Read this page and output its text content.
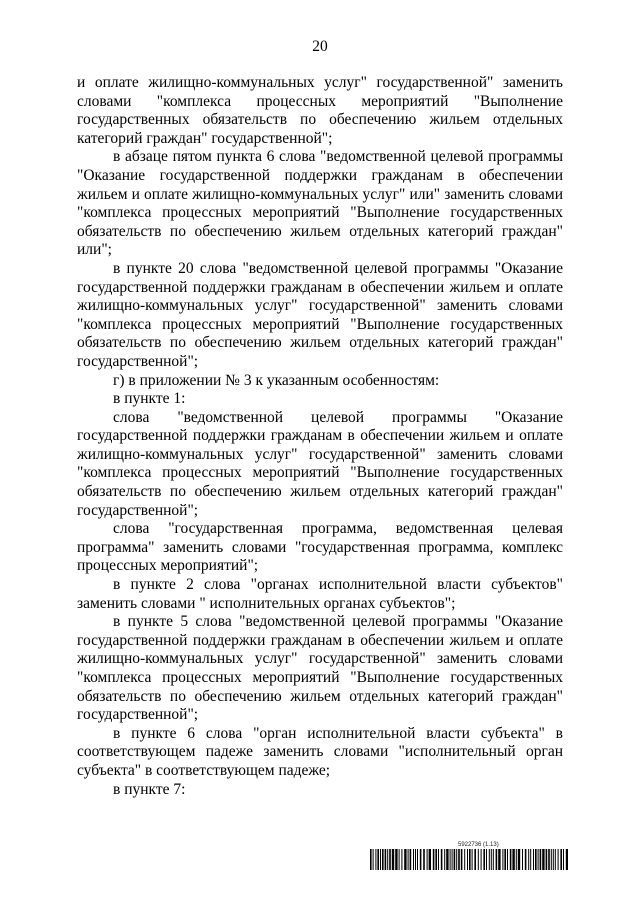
20

и оплате жилищно-коммунальных услуг" государственной" заменить словами "комплекса процессных мероприятий "Выполнение государственных обязательств по обеспечению жильем отдельных категорий граждан" государственной";

в абзаце пятом пункта 6 слова "ведомственной целевой программы "Оказание государственной поддержки гражданам в обеспечении жильем и оплате жилищно-коммунальных услуг" или" заменить словами "комплекса процессных мероприятий "Выполнение государственных обязательств по обеспечению жильем отдельных категорий граждан" или";

в пункте 20 слова "ведомственной целевой программы "Оказание государственной поддержки гражданам в обеспечении жильем и оплате жилищно-коммунальных услуг" государственной" заменить словами "комплекса процессных мероприятий "Выполнение государственных обязательств по обеспечению жильем отдельных категорий граждан" государственной";

г) в приложении № 3 к указанным особенностям:

в пункте 1:

слова "ведомственной целевой программы "Оказание государственной поддержки гражданам в обеспечении жильем и оплате жилищно-коммунальных услуг" государственной" заменить словами "комплекса процессных мероприятий "Выполнение государственных обязательств по обеспечению жильем отдельных категорий граждан" государственной";

слова "государственная программа, ведомственная целевая программа" заменить словами "государственная программа, комплекс процессных мероприятий";

в пункте 2 слова "органах исполнительной власти субъектов" заменить словами " исполнительных органах субъектов";

в пункте 5 слова "ведомственной целевой программы "Оказание государственной поддержки гражданам в обеспечении жильем и оплате жилищно-коммунальных услуг" государственной" заменить словами "комплекса процессных мероприятий "Выполнение государственных обязательств по обеспечению жильем отдельных категорий граждан" государственной";

в пункте 6 слова "орган исполнительной власти субъекта" в соответствующем падеже заменить словами "исполнительный орган субъекта" в соответствующем падеже;

в пункте 7:

5922736 (1.13)
